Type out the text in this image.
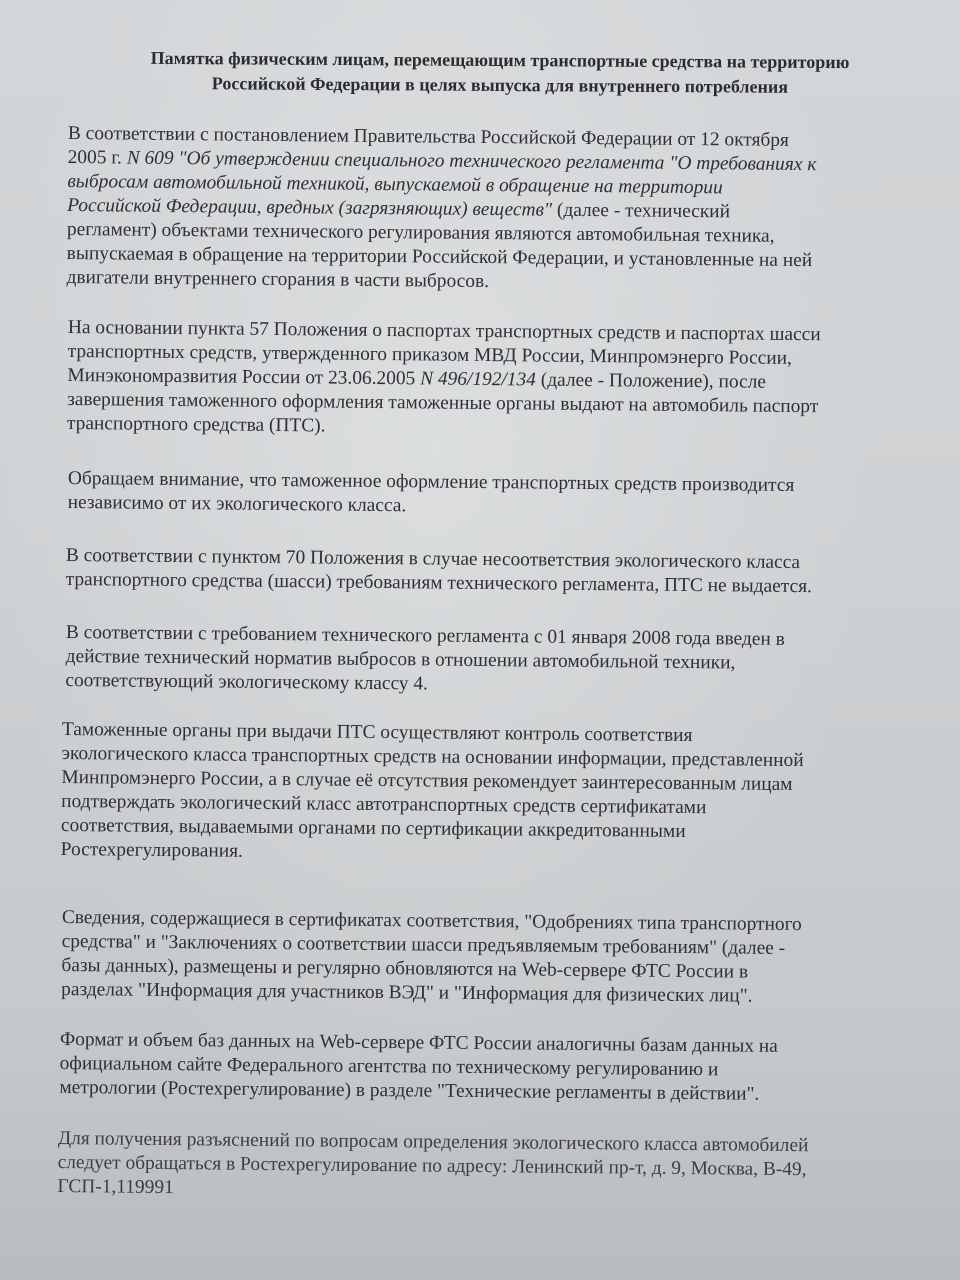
Памятка физическим лицам, перемещающим транспортные средства на территорию
Российской Федерации в целях выпуска для внутреннего потребления
В соответствии с постановлением Правительства Российской Федерации от 12 октября
2005 г. N 609 "Об утверждении специального технического регламента "О требованиях к
выбросам автомобильной техникой, выпускаемой в обращение на территории
Российской Федерации, вредных (загрязняющих) веществ" (далее - технический
регламент) объектами технического регулирования являются автомобильная техника,
выпускаемая в обращение на территории Российской Федерации, и установленные на ней
двигатели внутреннего сгорания в части выбросов.
На основании пункта 57 Положения о паспортах транспортных средств и паспортах шасси
транспортных средств, утвержденного приказом МВД России, Минпромэнерго России,
Минэкономразвития России от 23.06.2005 N 496/192/134 (далее - Положение), после
завершения таможенного оформления таможенные органы выдают на автомобиль паспорт
транспортного средства (ПТС).
Обращаем внимание, что таможенное оформление транспортных средств производится
независимо от их экологического класса.
В соответствии с пунктом 70 Положения в случае несоответствия экологического класса
транспортного средства (шасси) требованиям технического регламента, ПТС не выдается.
В соответствии с требованием технического регламента с 01 января 2008 года введен в
действие технический норматив выбросов в отношении автомобильной техники,
соответствующий экологическому классу 4.
Таможенные органы при выдачи ПТС осуществляют контроль соответствия
экологического класса транспортных средств на основании информации, представленной
Минпромэнерго России, а в случае её отсутствия рекомендует заинтересованным лицам
подтверждать экологический класс автотранспортных средств сертификатами
соответствия, выдаваемыми органами по сертификации аккредитованными
Ростехрегулирования.
Сведения, содержащиеся в сертификатах соответствия, "Одобрениях типа транспортного
средства" и "Заключениях о соответствии шасси предъявляемым требованиям" (далее -
базы данных), размещены и регулярно обновляются на Web-сервере ФТС России в
разделах "Информация для участников ВЭД" и "Информация для физических лиц".
Формат и объем баз данных на Web-сервере ФТС России аналогичны базам данных на
официальном сайте Федерального агентства по техническому регулированию и
метрологии (Ростехрегулирование) в разделе "Технические регламенты в действии".
Для получения разъяснений по вопросам определения экологического класса автомобилей
следует обращаться в Ростехрегулирование по адресу: Ленинский пр-т, д. 9, Москва, В-49,
ГСП-1,119991
